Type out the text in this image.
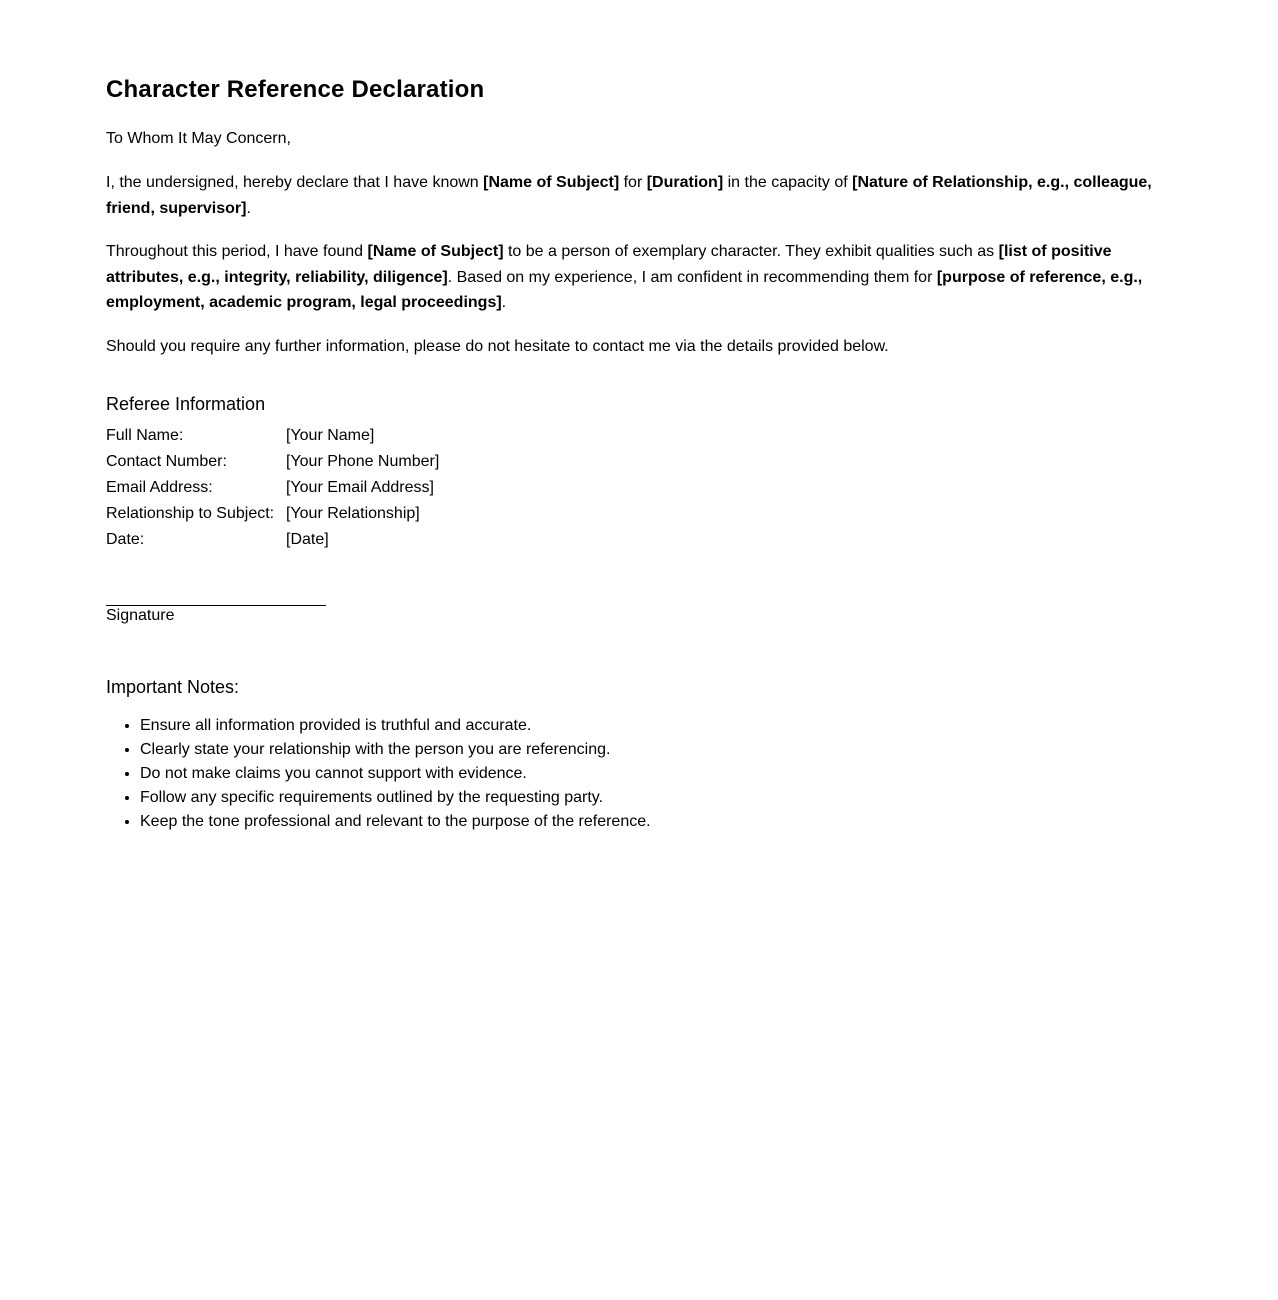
Character Reference Declaration

To Whom It May Concern,

I, the undersigned, hereby declare that I have known [Name of Subject] for [Duration] in the capacity of [Nature of Relationship, e.g., colleague, friend, supervisor].

Throughout this period, I have found [Name of Subject] to be a person of exemplary character. They exhibit qualities such as [list of positive attributes, e.g., integrity, reliability, diligence]. Based on my experience, I am confident in recommending them for [purpose of reference, e.g., employment, academic program, legal proceedings].

Should you require any further information, please do not hesitate to contact me via the details provided below.

Referee Information
Full Name:	[Your Name]
Contact Number:	[Your Phone Number]
Email Address:	[Your Email Address]
Relationship to Subject:	[Your Relationship]
Date:	[Date]
Signature
Important Notes:
• Ensure all information provided is truthful and accurate.
• Clearly state your relationship with the person you are referencing.
• Do not make claims you cannot support with evidence.
• Follow any specific requirements outlined by the requesting party.
• Keep the tone professional and relevant to the purpose of the reference.
